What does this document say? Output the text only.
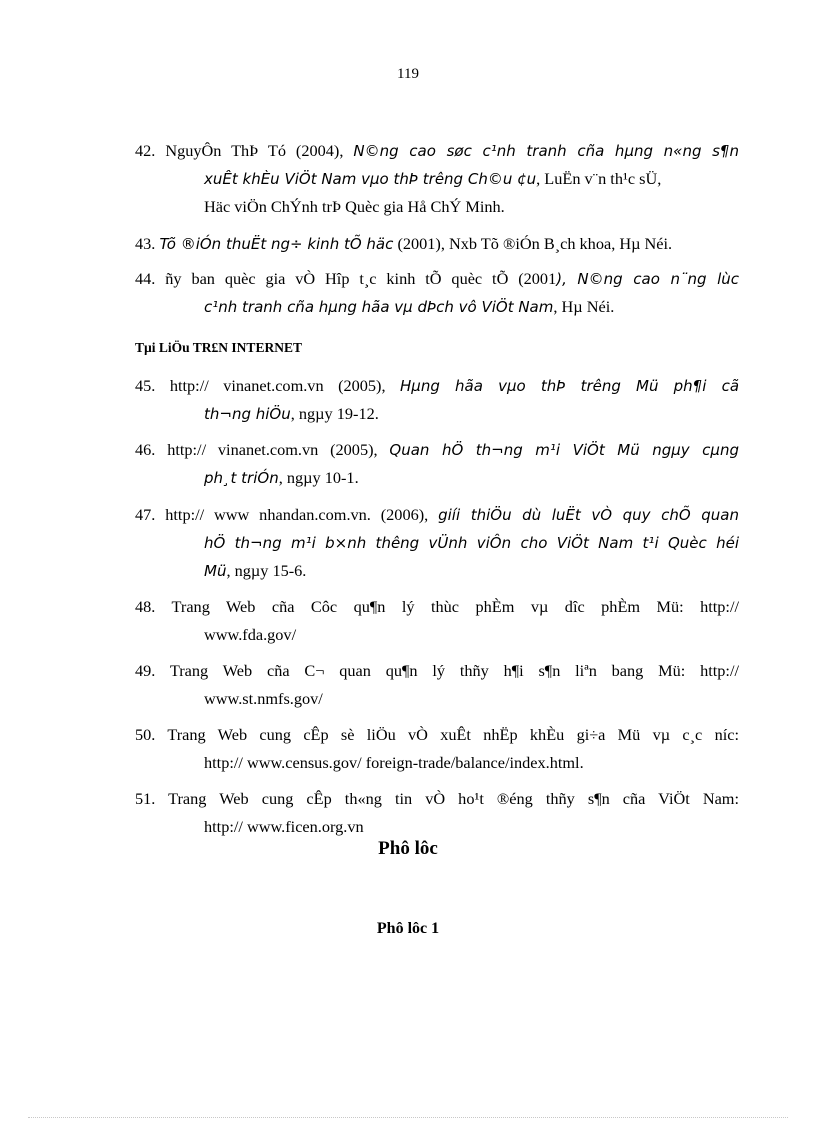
119
42. NguyÔn ThÞ Tó (2004), N©ng cao søc c¹nh tranh cña hµng n«ng s¶n
xuÊt khÈu ViÖt Nam vµo thÞ trêng Ch©u ¢u, LuËn v¨n th¹c sÜ,
Häc viÖn ChÝnh trÞ Quèc gia Hå ChÝ Minh.
43. Tõ ®iÓn thuËt ng÷ kinh tÕ häc (2001), Nxb Tõ ®iÓn B¸ch khoa, Hµ Néi.
44. ñy ban quèc gia vÒ Hîp t¸c kinh tÕ quèc tÕ (2001), N©ng cao n¨ng lùc
c¹nh tranh cña hµng hãa vµ dÞch vô ViÖt Nam, Hµ Néi.
Tµi LiÖu TR£N INTERNET
45. http:// vinanet.com.vn (2005), Hµng hãa vµo thÞ trêng Mü ph¶i cã
th¬ng hiÖu, ngµy 19-12.
46. http:// vinanet.com.vn (2005), Quan hÖ th¬ng m¹i ViÖt Mü ngµy cµng
ph¸t triÓn, ngµy 10-1.
47. http:// www nhandan.com.vn. (2006), giíi thiÖu dù luËt vÒ quy chÕ quan
hÖ th¬ng m¹i b×nh thêng vÜnh viÔn cho ViÖt Nam t¹i Quèc héi
Mü, ngµy 15-6.
48. Trang Web cña Côc qu¶n lý thùc phÈm vµ dîc phÈm Mü: http://
www.fda.gov/
49. Trang Web cña C¬ quan qu¶n lý thñy h¶i s¶n liªn bang Mü: http://
www.st.nmfs.gov/
50. Trang Web cung cÊp sè liÖu vÒ xuÊt nhËp khÈu gi÷a Mü vµ c¸c níc:
http:// www.census.gov/ foreign-trade/balance/index.html.
51. Trang Web cung cÊp th«ng tin vÒ ho¹t ®éng thñy s¶n cña ViÖt Nam:
http:// www.ficen.org.vn
Phô lôc
Phô lôc 1
